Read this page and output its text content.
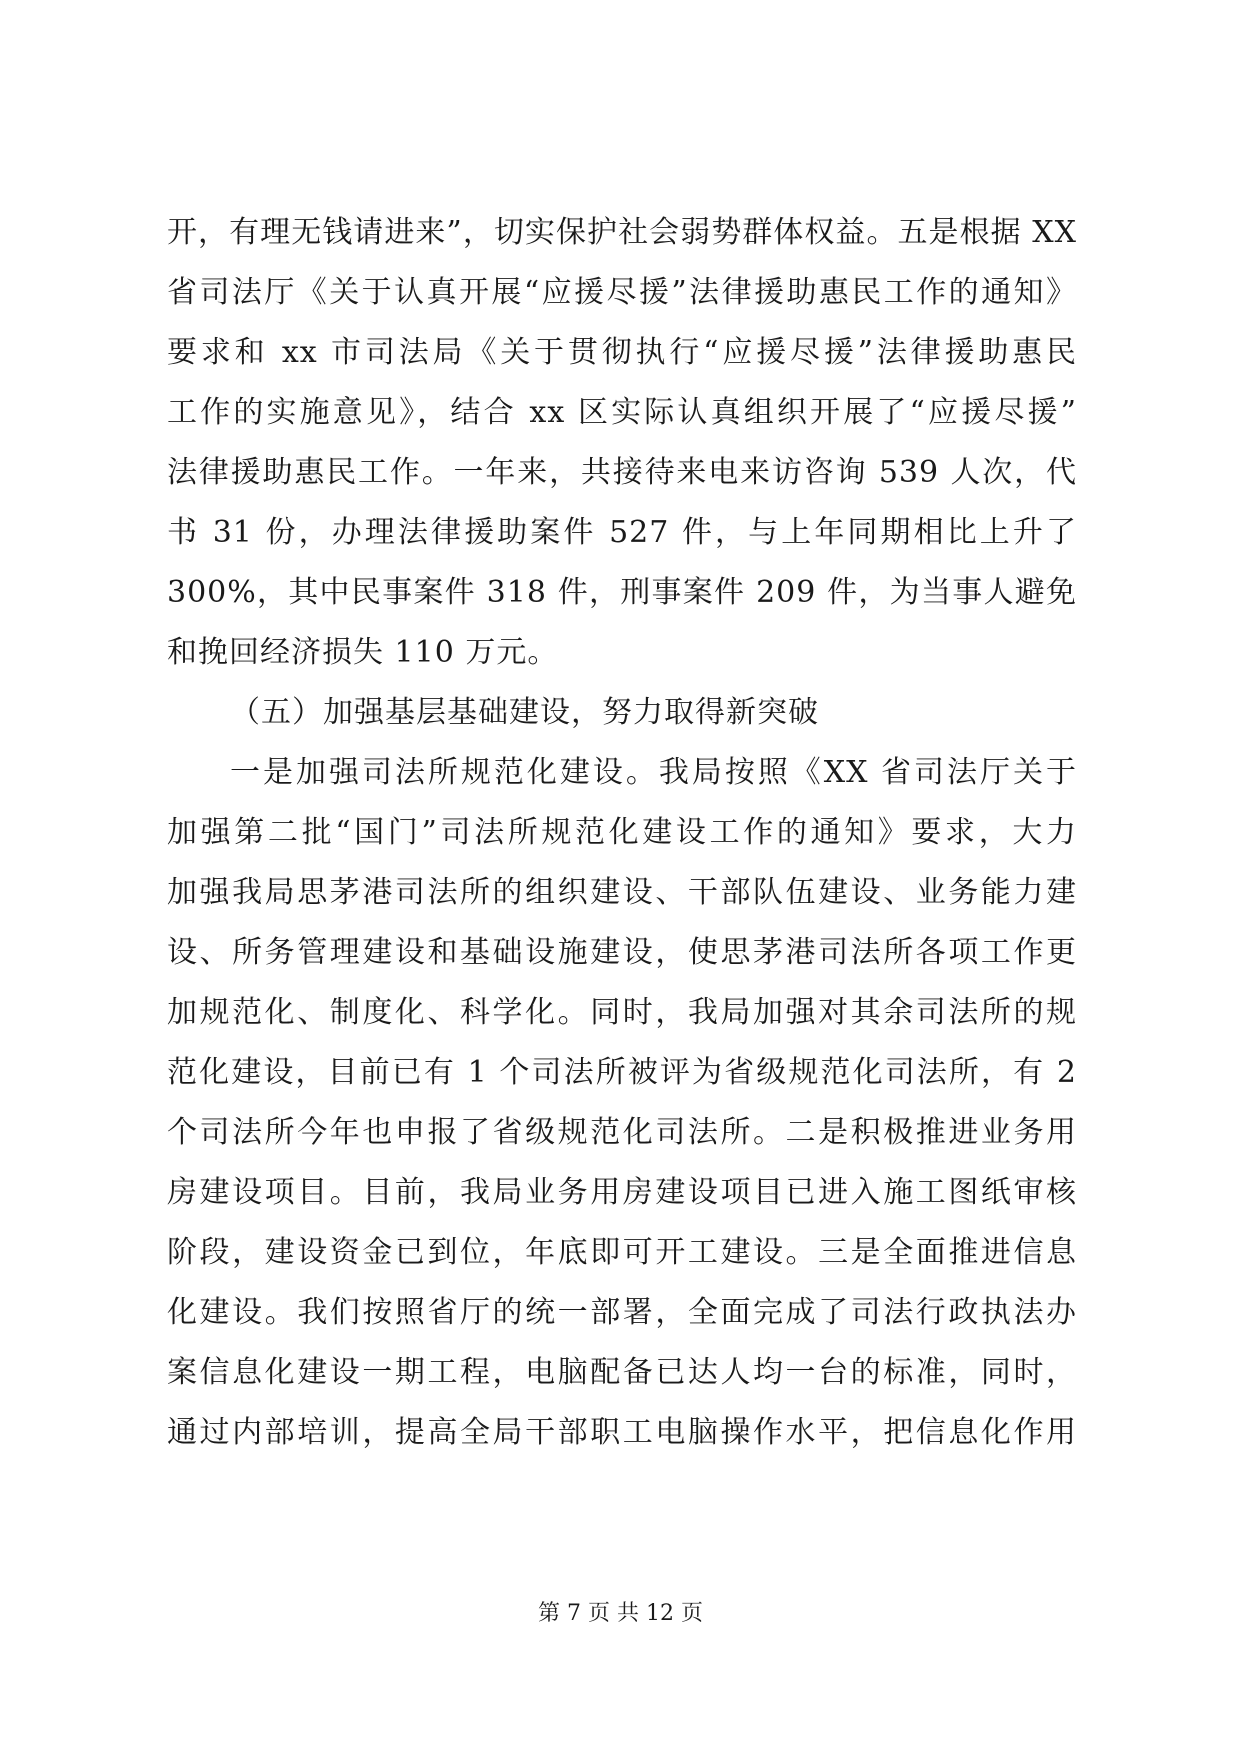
开，有理无钱请进来”，切实保护社会弱势群体权益。五是根据 XX
省司法厅《关于认真开展“应援尽援”法律援助惠民工作的通知》
要求和 xx 市司法局《关于贯彻执行“应援尽援”法律援助惠民
工作的实施意见》，结合 xx 区实际认真组织开展了“应援尽援”
法律援助惠民工作。一年来，共接待来电来访咨询 539 人次，代
书 31 份，办理法律援助案件 527 件，与上年同期相比上升了
300%，其中民事案件 318 件，刑事案件 209 件，为当事人避免
和挽回经济损失 110 万元。
（五）加强基层基础建设，努力取得新突破
一是加强司法所规范化建设。我局按照《XX 省司法厅关于
加强第二批“国门”司法所规范化建设工作的通知》要求，大力
加强我局思茅港司法所的组织建设、干部队伍建设、业务能力建
设、所务管理建设和基础设施建设，使思茅港司法所各项工作更
加规范化、制度化、科学化。同时，我局加强对其余司法所的规
范化建设，目前已有 1 个司法所被评为省级规范化司法所，有 2
个司法所今年也申报了省级规范化司法所。二是积极推进业务用
房建设项目。目前，我局业务用房建设项目已进入施工图纸审核
阶段，建设资金已到位，年底即可开工建设。三是全面推进信息
化建设。我们按照省厅的统一部署，全面完成了司法行政执法办
案信息化建设一期工程，电脑配备已达人均一台的标准，同时，
通过内部培训，提高全局干部职工电脑操作水平，把信息化作用
第 7 页 共 12 页
